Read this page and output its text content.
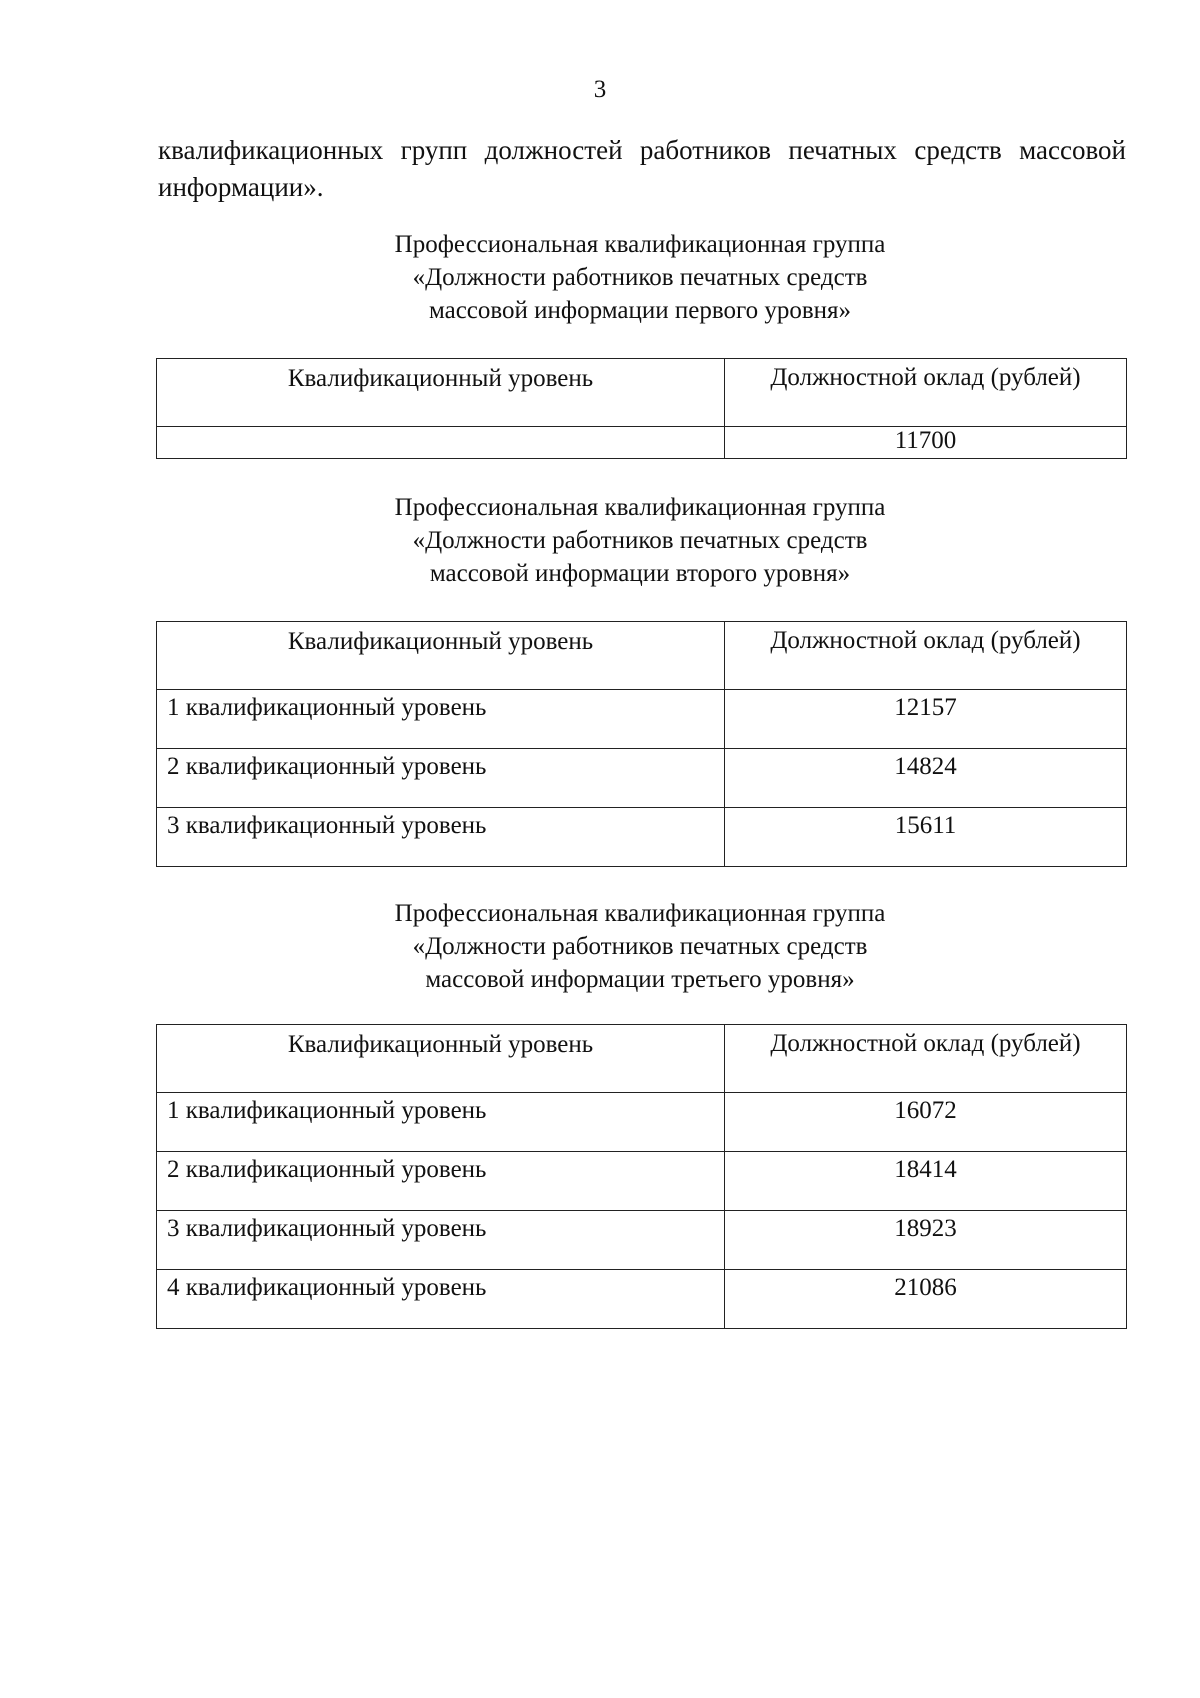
3

квалификационных групп должностей работников печатных средств массовой
информации».

Профессиональная квалификационная группа
«Должности работников печатных средств
массовой информации первого уровня»
Квалификационный уровень	Должностной оклад (рублей)
	11700
Профессиональная квалификационная группа
«Должности работников печатных средств
массовой информации второго уровня»
Квалификационный уровень	Должностной оклад (рублей)
1 квалификационный уровень	12157
2 квалификационный уровень	14824
3 квалификационный уровень	15611
Профессиональная квалификационная группа
«Должности работников печатных средств
массовой информации третьего уровня»
Квалификационный уровень	Должностной оклад (рублей)
1 квалификационный уровень	16072
2 квалификационный уровень	18414
3 квалификационный уровень	18923
4 квалификационный уровень	21086
